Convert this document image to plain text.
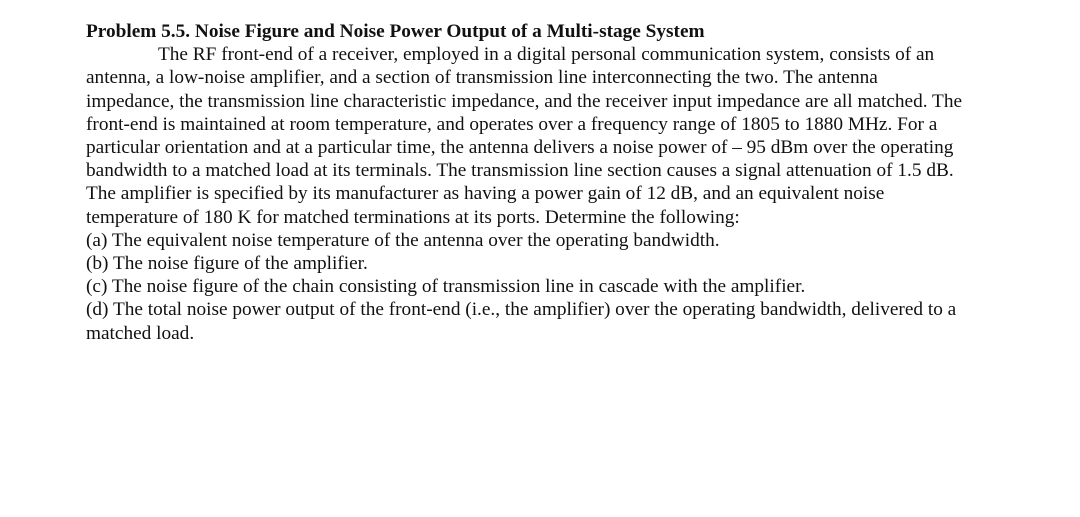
Problem 5.5. Noise Figure and Noise Power Output of a Multi-stage System

The RF front-end of a receiver, employed in a digital personal communication system, consists of an antenna, a low-noise amplifier, and a section of transmission line interconnecting the two. The antenna impedance, the transmission line characteristic impedance, and the receiver input impedance are all matched. The front-end is maintained at room temperature, and operates over a frequency range of 1805 to 1880 MHz. For a particular orientation and at a particular time, the antenna delivers a noise power of – 95 dBm over the operating bandwidth to a matched load at its terminals. The transmission line section causes a signal attenuation of 1.5 dB. The amplifier is specified by its manufacturer as having a power gain of 12 dB, and an equivalent noise temperature of 180 K for matched terminations at its ports. Determine the following:

(a) The equivalent noise temperature of the antenna over the operating bandwidth.
(b) The noise figure of the amplifier.
(c) The noise figure of the chain consisting of transmission line in cascade with the amplifier.
(d) The total noise power output of the front-end (i.e., the amplifier) over the operating bandwidth, delivered to a matched load.
